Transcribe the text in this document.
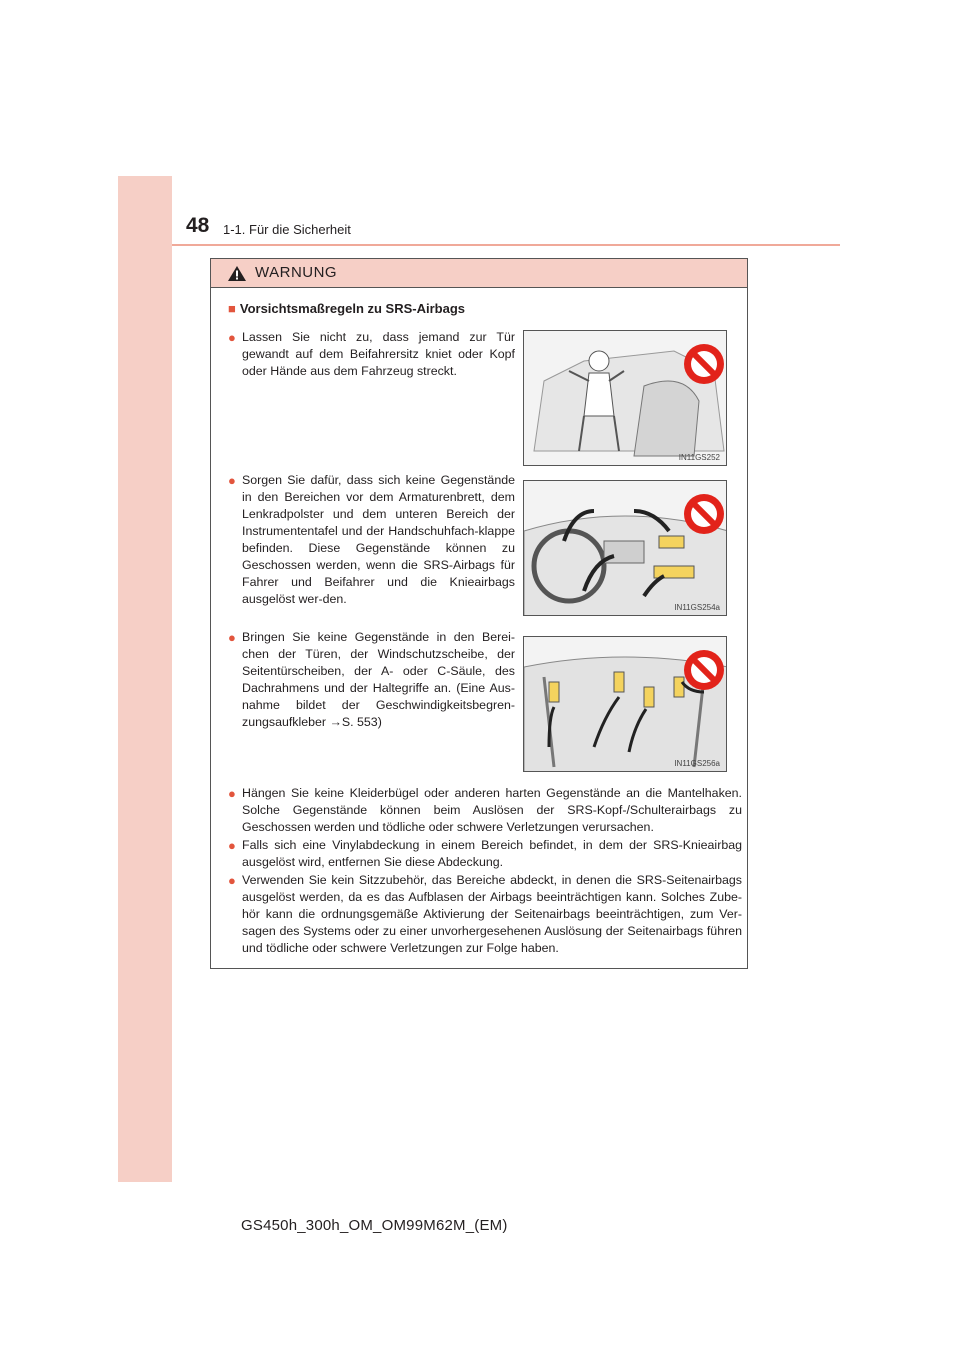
48 1-1. Für die Sicherheit
WARNUNG
■ Vorsichtsmaßregeln zu SRS-Airbags
● Lassen Sie nicht zu, dass jemand zur Tür gewandt auf dem Beifahrersitz kniet oder Kopf oder Hände aus dem Fahrzeug streckt.
IN11GS252
● Sorgen Sie dafür, dass sich keine Gegenstände in den Bereichen vor dem Armaturenbrett, dem Lenkradpolster und dem unteren Bereich der Instrumententafel und der Handschuhfach-klappe befinden. Diese Gegenstände können zu Geschossen werden, wenn die SRS-Airbags für Fahrer und Beifahrer und die Knieairbags ausgelöst wer-den.
IN11GS254a
● Bringen Sie keine Gegenstände in den Berei-chen der Türen, der Windschutzscheibe, der Seitentürscheiben, der A- oder C-Säule, des Dachrahmens und der Haltegriffe an. (Eine Aus-nahme bildet der Geschwindigkeitsbegren-zungsaufkleber →S. 553)
IN11GS256a
● Hängen Sie keine Kleiderbügel oder anderen harten Gegenstände an die Mantelhaken. Solche Gegenstände können beim Auslösen der SRS-Kopf-/Schulterairbags zu Geschossen werden und tödliche oder schwere Verletzungen verursachen.
● Falls sich eine Vinylabdeckung in einem Bereich befindet, in dem der SRS-Knieairbag ausgelöst wird, entfernen Sie diese Abdeckung.
● Verwenden Sie kein Sitzzubehör, das Bereiche abdeckt, in denen die SRS-Seitenairbags ausgelöst werden, da es das Aufblasen der Airbags beeinträchtigen kann. Solches Zube-hör kann die ordnungsgemäße Aktivierung der Seitenairbags beeinträchtigen, zum Ver-sagen des Systems oder zu einer unvorhergesehenen Auslösung der Seitenairbags führen und tödliche oder schwere Verletzungen zur Folge haben.
GS450h_300h_OM_OM99M62M_(EM)
